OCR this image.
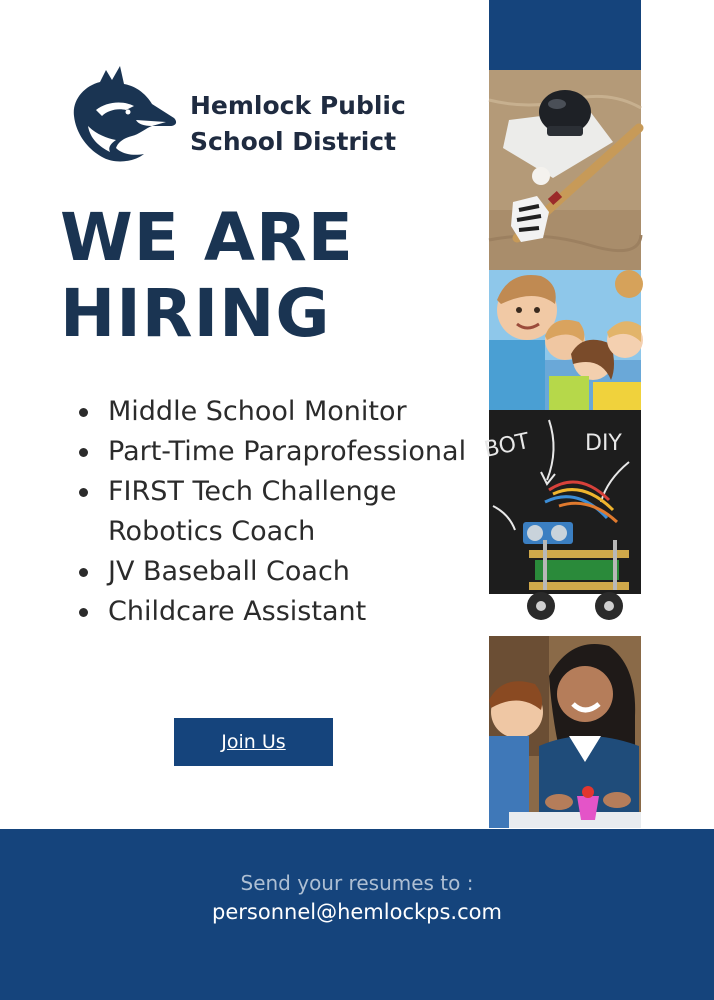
Hemlock Public
School District
WE ARE
HIRING
Middle School Monitor
Part-Time Paraprofessional
FIRST Tech Challenge Robotics Coach
JV Baseball Coach
Childcare Assistant
Join Us
BOT DIY
Send your resumes to :
personnel@hemlockps.com
